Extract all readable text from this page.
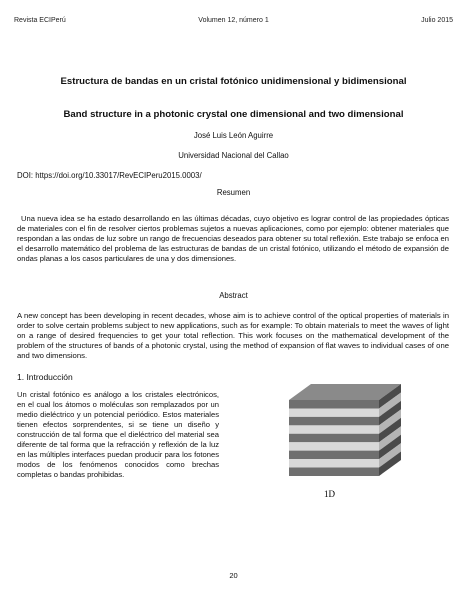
Revista ECIPerú	Volumen 12, número 1	Julio 2015
Estructura de bandas en un cristal fotónico unidimensional y bidimensional
Band structure in a photonic crystal one dimensional and two dimensional
José Luis León Aguirre
Universidad Nacional del Callao
DOI: https://doi.org/10.33017/RevECIPeru2015.0003/
Resumen
Una nueva idea se ha estado desarrollando en las últimas décadas, cuyo objetivo es lograr control de las propiedades ópticas de materiales con el fin de resolver ciertos problemas sujetos a nuevas aplicaciones, como por ejemplo: obtener materiales que respondan a las ondas de luz sobre un rango de frecuencias deseados para obtener su total reflexión. Este trabajo se enfoca en el desarrollo matemático del problema de las estructuras de bandas de un cristal fotónico, utilizando el método de expansión de ondas planas a los casos particulares de una y dos dimensiones.
Abstract
A new concept has been developing in recent decades, whose aim is to achieve control of the optical properties of materials in order to solve certain problems subject to new applications, such as for example: To obtain materials to meet the waves of light on a range of desired frequencies to get your total reflection. This work focuses on the mathematical development of the problem of the structures of bands of a photonic crystal, using the method of expansion of flat waves to individual cases of one and two dimensions.
1. Introducción
Un cristal fotónico es análogo a los cristales electrónicos, en el cual los átomos o moléculas son remplazados por un medio dieléctrico y un potencial periódico. Estos materiales tienen efectos sorprendentes, si se tiene un diseño y construcción de tal forma que el dieléctrico del material sea diferente de tal forma que la refracción y reflexión de la luz en las múltiples interfaces puedan producir para los fotones modos de los fenómenos conocidos como brechas completas o bandas prohibidas.
1D
20
